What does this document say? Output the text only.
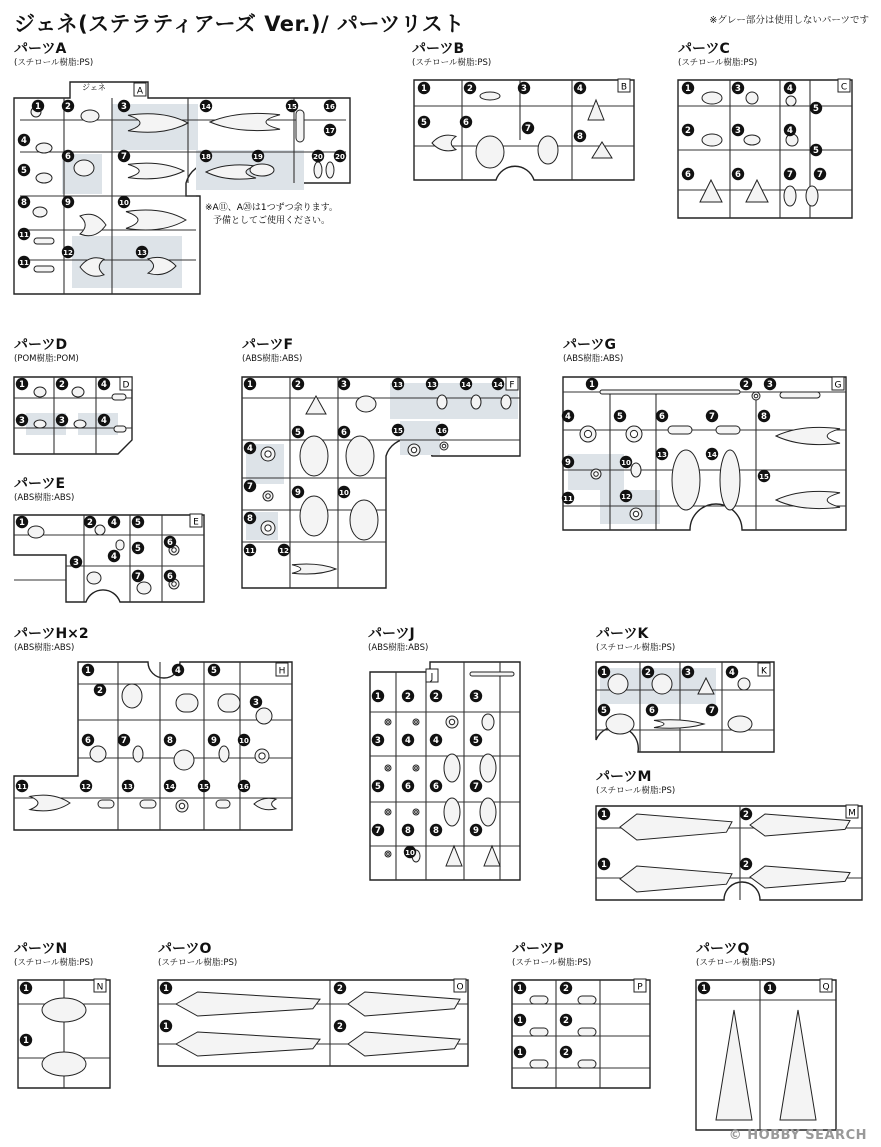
ジェネ(ステラティアーズ Ver.)/ パーツリスト	※グレー部分は使用しないパーツです
パーツA
(スチロール樹脂:PS)
パーツB
(スチロール樹脂:PS)
パーツC
(スチロール樹脂:PS)
パーツD
(POM樹脂:POM)
パーツE
(ABS樹脂:ABS)
パーツF
(ABS樹脂:ABS)
パーツG
(ABS樹脂:ABS)
パーツH×2
(ABS樹脂:ABS)
パーツJ
(ABS樹脂:ABS)
パーツK
(スチロール樹脂:PS)
パーツM
(スチロール樹脂:PS)
パーツN
(スチロール樹脂:PS)
パーツO
(スチロール樹脂:PS)
パーツP
(スチロール樹脂:PS)
パーツQ
(スチロール樹脂:PS)
1	2	3	14	15	16
17
4
6	7	18	19	20 20
5
8	9	10
11
11
12	13
1	2	3	4
5	6
7
8
1	3	4
5
2	3	4
5
6	6	7	7
1	2	4
3	3	4
1	2 4 5
3
4
5
6
7	6
1	2	3	13	13	14	14
4
5	6	15	16
7
8
9	10
11	12
1	2 3
4	5	6	7	8
9	10
13	14
11	12
15
1
2
4	5
3
6	7	8	9	10
11	12	13	14	15	16
1	2	2	3
3	4	4	5
5	6	6	7
7	8	8	9
10
1	2	3	4
5	6	7
1	2
1	2
1
1
1	2
1	2
1	2
1	2
1	2
1	1
A	B	C
D
E
F	G
H
J
K
M
N	O	P	Q
※A⑪、A⑳は1つずつ余ります。
予備としてご使用ください。
ジェネ
© HOBBY SEARCH
